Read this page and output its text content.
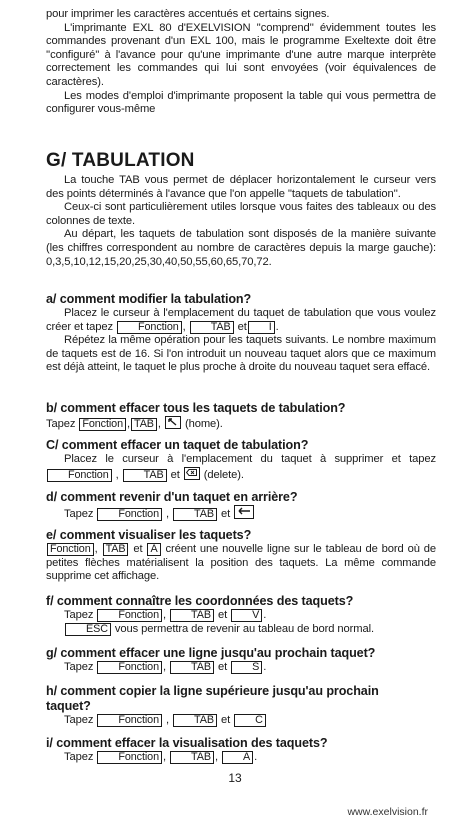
pour imprimer les caractères accentués et certains signes.

L'imprimante EXL 80 d'EXELVISION ''comprend'' évidemment toutes les commandes provenant d'un EXL 100, mais le programme Exeltexte doit être ''configuré'' à l'avance pour qu'une imprimante d'une autre marque interprète correctement les commandes qui lui sont envoyées (voir équivalences de caractères).

Les modes d'emploi d'imprimante proposent la table qui vous permettra de configurer vous-même

G/ TABULATION

La touche TAB vous permet de déplacer horizontalement le curseur vers des points déterminés à l'avance que l'on appelle ''taquets de tabulation''.

Ceux-ci sont particulièrement utiles lorsque vous faites des tableaux ou des colonnes de texte.

Au départ, les taquets de tabulation sont disposés de la manière suivante (les chiffres correspondent au nombre de caractères depuis la marge gauche): 0,3,5,10,12,15,20,25,30,40,50,55,60,65,70,72.

a/ comment modifier la tabulation?

Placez le curseur à l'emplacement du taquet de tabulation que vous voulez créer et tapez Fonction , TAB et I .

Répétez la même opération pour les taquets suivants. Le nombre maximum de taquets est de 16. Si l'on introduit un nouveau taquet alors que ce maximum est déjà atteint, le taquet le plus proche à droite du nouveau taquet sera effacé.

b/ comment effacer tous les taquets de tabulation?

Tapez Fonction , TAB , (home).

C/ comment effacer un taquet de tabulation?

Placez le curseur à l'emplacement du taquet à supprimer et tapez Fonction , TAB et (delete).

d/ comment revenir d'un taquet en arrière?

Tapez Fonction , TAB et

e/ comment visualiser les taquets?

Fonction , TAB et A créent une nouvelle ligne sur le tableau de bord où de petites flèches matérialisent la position des taquets. La même commande supprime cet affichage.

f/ comment connaître les coordonnées des taquets?

Tapez Fonction , TAB et V .

ESC vous permettra de revenir au tableau de bord normal.

g/ comment effacer une ligne jusqu'au prochain taquet?

Tapez Fonction , TAB et S .

h/ comment copier la ligne supérieure jusqu'au prochain
taquet?

Tapez Fonction , TAB et C

i/ comment effacer la visualisation des taquets?

Tapez Fonction , TAB , A .

13
www.exelvision.fr
